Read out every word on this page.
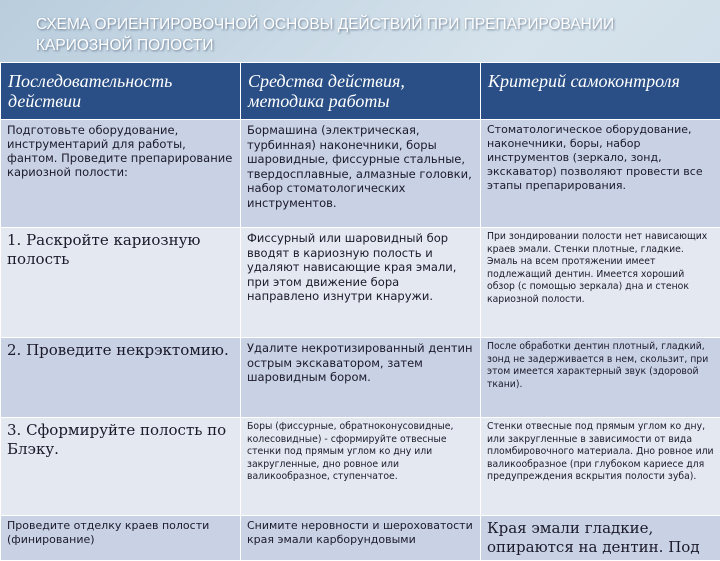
СХЕМА ОРИЕНТИРОВОЧНОЙ ОСНОВЫ ДЕЙСТВИЙ ПРИ ПРЕПАРИРОВАНИИ
КАРИОЗНОЙ ПОЛОСТИ
Последовательность действии	Средства действия, методика работы	Критерий самоконтроля
Подготовьте оборудование, инструментарий для работы, фантом. Проведите препарирование кариозной полости:	Бормашина (электрическая, турбинная) наконечники, боры шаровидные, фиссурные стальные, твердосплавные, алмазные головки, набор стоматологических инструментов.	Стоматологическое оборудование, наконечники, боры, набор инструментов (зеркало, зонд, экскаватор) позволяют провести все этапы препарирования.
1. Раскройте кариозную полость	Фиссурный или шаровидный бор вводят в кариозную полость и удаляют нависающие края эмали, при этом движение бора направлено изнутри кнаружи.	При зондировании полости нет нависающих краев эмали. Стенки плотные, гладкие. Эмаль на всем протяжении имеет подлежащий дентин. Имеется хороший обзор (с помощью зеркала) дна и стенок кариозной полости.
2. Проведите некрэктомию.	Удалите некротизированный дентин острым экскаватором, затем шаровидным бором.	После обработки дентин плотный, гладкий, зонд не задерживается в нем, скользит, при этом имеется характерный звук (здоровой ткани).
3. Сформируйте полость по Блэку.	Боры (фиссурные, обратноконусовидные, колесовидные) - сформируйте отвесные стенки под прямым углом ко дну или закругленные, дно ровное или валикообразное, ступенчатое.	Стенки отвесные под прямым углом ко дну, или закругленные в зависимости от вида пломбировочного материала. Дно ровное или валикообразное (при глубоком кариесе для предупреждения вскрытия полости зуба).
Проведите отделку краев полости (финирование)	Снимите неровности и шероховатости края эмали карборундовыми	Края эмали гладкие, опираются на дентин. Под
